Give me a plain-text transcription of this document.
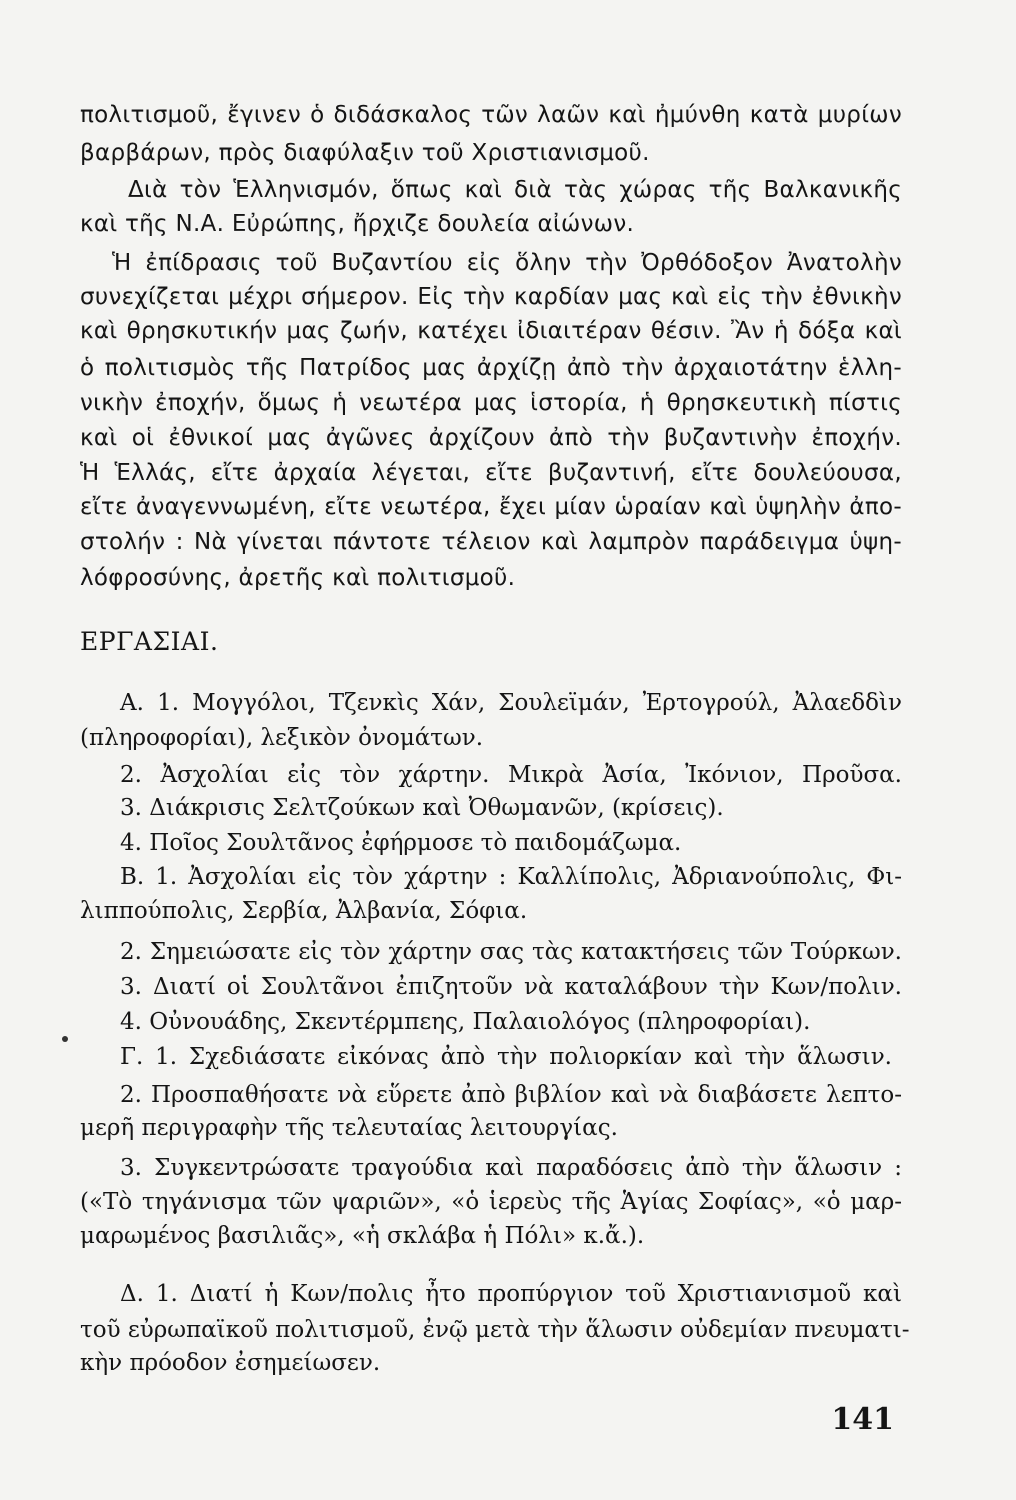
πολιτισμοῦ, ἔγινεν ὁ διδάσκαλος τῶν λαῶν καὶ ἠμύνθη κατὰ μυρίων
βαρβάρων, πρὸς διαφύλαξιν τοῦ Χριστιανισμοῦ.
Διὰ τὸν Ἑλληνισμόν, ὅπως καὶ διὰ τὰς χώρας τῆς Βαλκανικῆς
καὶ τῆς Ν.Α. Εὐρώπης, ἤρχιζε δουλεία αἰώνων.
Ἡ ἐπίδρασις τοῦ Βυζαντίου εἰς ὅλην τὴν Ὀρθόδοξον Ἀνατολὴν
συνεχίζεται μέχρι σήμερον. Εἰς τὴν καρδίαν μας καὶ εἰς τὴν ἐθνικὴν
καὶ θρησκυτικήν μας ζωήν, κατέχει ἰδιαιτέραν θέσιν. Ἂν ἡ δόξα καὶ
ὁ πολιτισμὸς τῆς Πατρίδος μας ἀρχίζῃ ἀπὸ τὴν ἀρχαιοτάτην ἑλλη-
νικὴν ἐποχήν, ὅμως ἡ νεωτέρα μας ἱστορία, ἡ θρησκευτικὴ πίστις
καὶ οἱ ἐθνικοί μας ἀγῶνες ἀρχίζουν ἀπὸ τὴν βυζαντινὴν ἐποχήν.
Ἡ Ἑλλάς, εἴτε ἀρχαία λέγεται, εἴτε βυζαντινή, εἴτε δουλεύουσα,
εἴτε ἀναγεννωμένη, εἴτε νεωτέρα, ἔχει μίαν ὡραίαν καὶ ὑψηλὴν ἀπο-
στολήν : Νὰ γίνεται πάντοτε τέλειον καὶ λαμπρὸν παράδειγμα ὑψη-
λόφροσύνης, ἀρετῆς καὶ πολιτισμοῦ.
ΕΡΓΑΣΙΑΙ.
Α. 1. Μογγόλοι, Τζενκὶς Χάν, Σουλεϊμάν, Ἐρτογρούλ, Ἀλαεδδὶν
(πληροφορίαι), λεξικὸν ὀνομάτων.
2. Ἀσχολίαι εἰς τὸν χάρτην. Μικρὰ Ἀσία, Ἰκόνιον, Προῦσα.
3. Διάκρισις Σελτζούκων καὶ Ὀθωμανῶν, (κρίσεις).
4. Ποῖος Σουλτᾶνος ἐφήρμοσε τὸ παιδομάζωμα.
Β. 1. Ἀσχολίαι εἰς τὸν χάρτην : Καλλίπολις, Ἀδριανούπολις, Φι-
λιππούπολις, Σερβία, Ἀλβανία, Σόφια.
2. Σημειώσατε εἰς τὸν χάρτην σας τὰς κατακτήσεις τῶν Τούρκων.
3. Διατί οἱ Σουλτᾶνοι ἐπιζητοῦν νὰ καταλάβουν τὴν Κων/πολιν.
4. Οὐνουάδης, Σκεντέρμπεης, Παλαιολόγος (πληροφορίαι).
Γ. 1. Σχεδιάσατε εἰκόνας ἀπὸ τὴν πολιορκίαν καὶ τὴν ἅλωσιν.
2. Προσπαθήσατε νὰ εὕρετε ἀπὸ βιβλίον καὶ νὰ διαβάσετε λεπτο-
μερῆ περιγραφὴν τῆς τελευταίας λειτουργίας.
3. Συγκεντρώσατε τραγούδια καὶ παραδόσεις ἀπὸ τὴν ἅλωσιν :
(«Τὸ τηγάνισμα τῶν ψαριῶν», «ὁ ἱερεὺς τῆς Ἁγίας Σοφίας», «ὁ μαρ-
μαρωμένος βασιλιᾶς», «ἡ σκλάβα ἡ Πόλι» κ.ἄ.).
Δ. 1. Διατί ἡ Κων/πολις ἦτο προπύργιον τοῦ Χριστιανισμοῦ καὶ
τοῦ εὐρωπαϊκοῦ πολιτισμοῦ, ἐνῷ μετὰ τὴν ἅλωσιν οὐδεμίαν πνευματι-
κὴν πρόοδον ἐσημείωσεν.
141
